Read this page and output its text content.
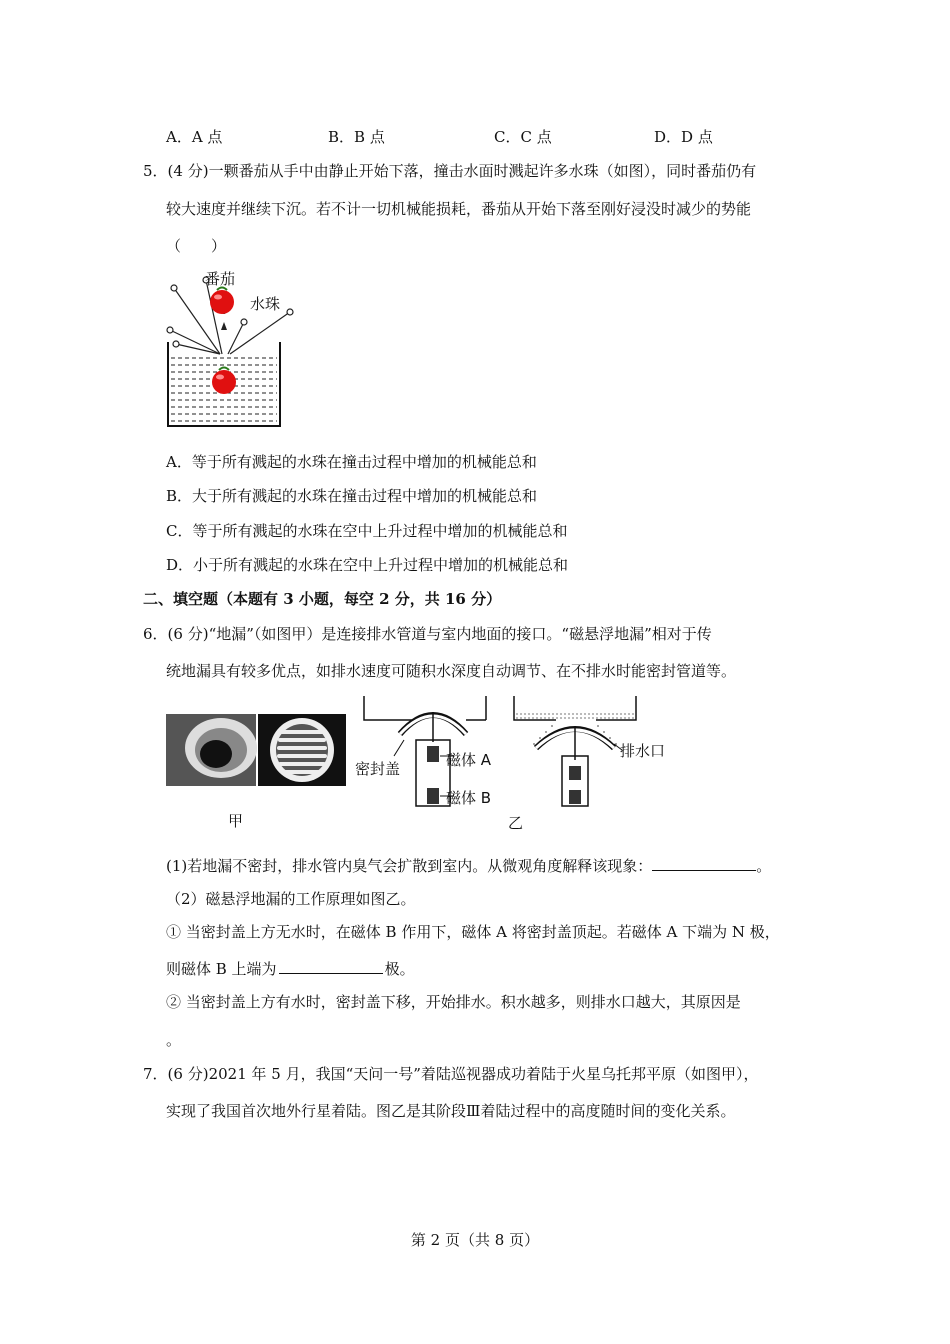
A．A 点	B．B 点	C．C 点	D．D 点
5．(4 分)一颗番茄从手中由静止开始下落，撞击水面时溅起许多水珠（如图），同时番茄仍有
较大速度并继续下沉。若不计一切机械能损耗，番茄从开始下落至刚好浸没时减少的势能
（　　）
番茄
水珠
A．等于所有溅起的水珠在撞击过程中增加的机械能总和
B．大于所有溅起的水珠在撞击过程中增加的机械能总和
C．等于所有溅起的水珠在空中上升过程中增加的机械能总和
D．小于所有溅起的水珠在空中上升过程中增加的机械能总和
二、填空题（本题有 3 小题，每空 2 分，共 16 分）
6．(6 分)“地漏”（如图甲）是连接排水管道与室内地面的接口。“磁悬浮地漏”相对于传
统地漏具有较多优点，如排水速度可随积水深度自动调节、在不排水时能密封管道等。
甲
密封盖	磁体 A
磁体 B
排水口
乙
(1)若地漏不密封，排水管内臭气会扩散到室内。从微观角度解释该现象：	。
（2）磁悬浮地漏的工作原理如图乙。
① 当密封盖上方无水时，在磁体 B 作用下，磁体 A 将密封盖顶起。若磁体 A 下端为 N 极，
则磁体 B 上端为	极。
② 当密封盖上方有水时，密封盖下移，开始排水。积水越多，则排水口越大，其原因是
。
7．(6 分)2021 年 5 月，我国“天问一号”着陆巡视器成功着陆于火星乌托邦平原（如图甲），
实现了我国首次地外行星着陆。图乙是其阶段Ⅲ着陆过程中的高度随时间的变化关系。
第 2 页（共 8 页）
